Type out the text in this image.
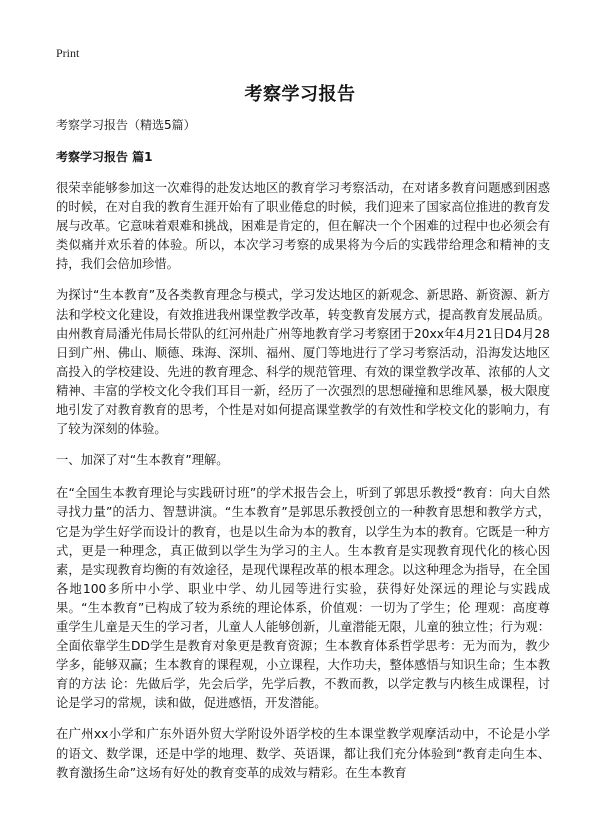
Print
考察学习报告

考察学习报告（精选5篇）

考察学习报告 篇1

很荣幸能够参加这一次难得的赴发达地区的教育学习考察活动，在对诸多教育问题感到困惑的时候，在对自我的教育生涯开始有了职业倦怠的时候，我们迎来了国家高位推进的教育发展与改革。它意味着艰难和挑战，困难是肯定的，但在解决一个个困难的过程中也必须会有类似痛并欢乐着的体验。所以，本次学习考察的成果将为今后的实践带给理念和精神的支持，我们会倍加珍惜。

为探讨“生本教育”及各类教育理念与模式，学习发达地区的新观念、新思路、新资源、新方法和学校文化建设，有效推进我州课堂教学改革，转变教育发展方式，提高教育发展品质。由州教育局潘光伟局长带队的红河州赴广州等地教育学习考察团于20xx年4月21日D4月28日到广州、佛山、顺德、珠海、深圳、福州、厦门等地进行了学习考察活动，沿海发达地区高投入的学校建设、先进的教育理念、科学的规范管理、有效的课堂教学改革、浓郁的人文精神、丰富的学校文化令我们耳目一新，经历了一次强烈的思想碰撞和思维风暴，极大限度地引发了对教育教育的思考，个性是对如何提高课堂教学的有效性和学校文化的影响力，有了较为深刻的体验。

一、加深了对“生本教育”理解。

在“全国生本教育理论与实践研讨班”的学术报告会上，听到了郭思乐教授“教育：向大自然寻找力量”的活力、智慧讲演。“生本教育”是郭思乐教授创立的一种教育思想和教学方式，它是为学生好学而设计的教育，也是以生命为本的教育，以学生为本的教育。它既是一种方式，更是一种理念，真正做到以学生为学习的主人。生本教育是实现教育现代化的核心因素，是实现教育均衡的有效途径，是现代课程改革的根本理念。以这种理念为指导，在全国各地100多所中小学、职业中学、幼儿园等进行实验，获得好处深远的理论与实践成果。“生本教育”已构成了较为系统的理论体系，价值观：一切为了学生；伦 理观：高度尊重学生儿童是天生的学习者，儿童人人能够创新，儿童潜能无限，儿童的独立性；行为观：全面依靠学生DD学生是教育对象更是教育资源；生本教育体系哲学思考：无为而为，教少学多，能够双赢；生本教育的课程观，小立课程，大作功夫，整体感悟与知识生命；生本教育的方法 论：先做后学，先会后学，先学后教，不教而教，以学定教与内核生成课程，讨论是学习的常规，读和做，促进感悟，开发潜能。

在广州xx小学和广东外语外贸大学附设外语学校的生本课堂教学观摩活动中，不论是小学的语文、数学课，还是中学的地理、数学、英语课，都让我们充分体验到“教育走向生本、教育激扬生命”这场有好处的教育变革的成效与精彩。在生本教育
